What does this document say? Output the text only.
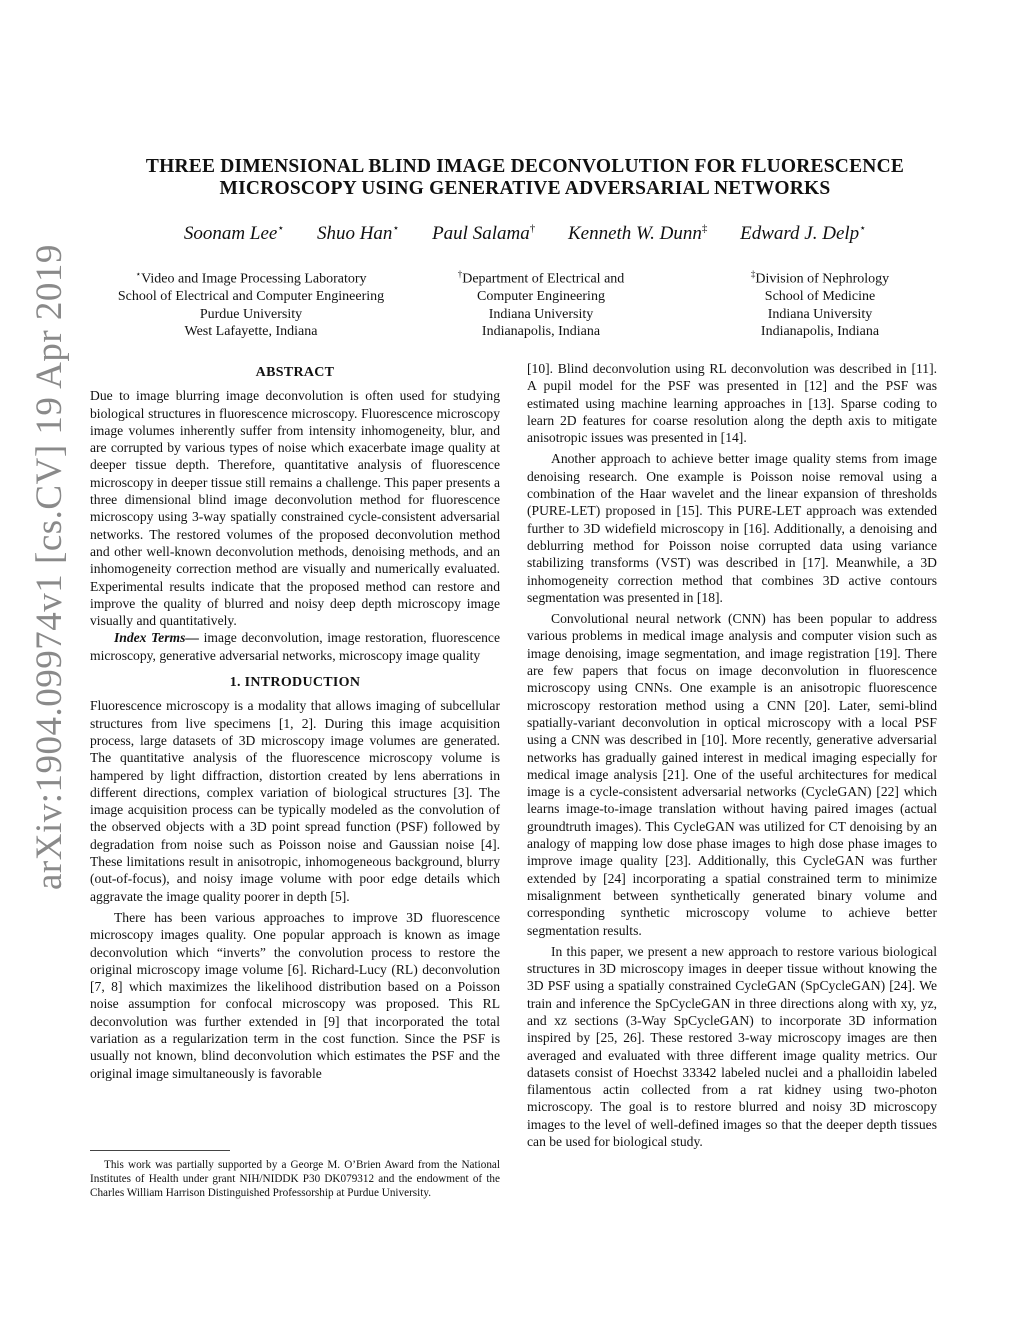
arXiv:1904.09974v1 [cs.CV] 19 Apr 2019
THREE DIMENSIONAL BLIND IMAGE DECONVOLUTION FOR FLUORESCENCE
MICROSCOPY USING GENERATIVE ADVERSARIAL NETWORKS
Soonam Lee⋆ Shuo Han⋆ Paul Salama† Kenneth W. Dunn‡ Edward J. Delp⋆
⋆Video and Image Processing Laboratory
School of Electrical and Computer Engineering
Purdue University
West Lafayette, Indiana
†Department of Electrical and
Computer Engineering
Indiana University
Indianapolis, Indiana
‡Division of Nephrology
School of Medicine
Indiana University
Indianapolis, Indiana
ABSTRACT

Due to image blurring image deconvolution is often used for studying biological structures in fluorescence microscopy. Fluorescence microscopy image volumes inherently suffer from intensity inhomogeneity, blur, and are corrupted by various types of noise which exacerbate image quality at deeper tissue depth. Therefore, quantitative analysis of fluorescence microscopy in deeper tissue still remains a challenge. This paper presents a three dimensional blind image deconvolution method for fluorescence microscopy using 3-way spatially constrained cycle-consistent adversarial networks. The restored volumes of the proposed deconvolution method and other well-known deconvolution methods, denoising methods, and an inhomogeneity correction method are visually and numerically evaluated. Experimental results indicate that the proposed method can restore and improve the quality of blurred and noisy deep depth microscopy image visually and quantitatively.

Index Terms— image deconvolution, image restoration, fluorescence microscopy, generative adversarial networks, microscopy image quality

1. INTRODUCTION

Fluorescence microscopy is a modality that allows imaging of subcellular structures from live specimens [1, 2]. During this image acquisition process, large datasets of 3D microscopy image volumes are generated. The quantitative analysis of the fluorescence microscopy volume is hampered by light diffraction, distortion created by lens aberrations in different directions, complex variation of biological structures [3]. The image acquisition process can be typically modeled as the convolution of the observed objects with a 3D point spread function (PSF) followed by degradation from noise such as Poisson noise and Gaussian noise [4]. These limitations result in anisotropic, inhomogeneous background, blurry (out-of-focus), and noisy image volume with poor edge details which aggravate the image quality poorer in depth [5].

There has been various approaches to improve 3D fluorescence microscopy images quality. One popular approach is known as image deconvolution which “inverts” the convolution process to restore the original microscopy image volume [6]. Richard-Lucy (RL) deconvolution [7, 8] which maximizes the likelihood distribution based on a Poisson noise assumption for confocal microscopy was proposed. This RL deconvolution was further extended in [9] that incorporated the total variation as a regularization term in the cost function. Since the PSF is usually not known, blind deconvolution which estimates the PSF and the original image simultaneously is favorable

This work was partially supported by a George M. O’Brien Award from the National Institutes of Health under grant NIH/NIDDK P30 DK079312 and the endowment of the Charles William Harrison Distinguished Professorship at Purdue University.

[10]. Blind deconvolution using RL deconvolution was described in [11]. A pupil model for the PSF was presented in [12] and the PSF was estimated using machine learning approaches in [13]. Sparse coding to learn 2D features for coarse resolution along the depth axis to mitigate anisotropic issues was presented in [14].

Another approach to achieve better image quality stems from image denoising research. One example is Poisson noise removal using a combination of the Haar wavelet and the linear expansion of thresholds (PURE-LET) proposed in [15]. This PURE-LET approach was extended further to 3D widefield microscopy in [16]. Additionally, a denoising and deblurring method for Poisson noise corrupted data using variance stabilizing transforms (VST) was described in [17]. Meanwhile, a 3D inhomogeneity correction method that combines 3D active contours segmentation was presented in [18].

Convolutional neural network (CNN) has been popular to address various problems in medical image analysis and computer vision such as image denoising, image segmentation, and image registration [19]. There are few papers that focus on image deconvolution in fluorescence microscopy using CNNs. One example is an anisotropic fluorescence microscopy restoration method using a CNN [20]. Later, semi-blind spatially-variant deconvolution in optical microscopy with a local PSF using a CNN was described in [10]. More recently, generative adversarial networks has gradually gained interest in medical imaging especially for medical image analysis [21]. One of the useful architectures for medical image is a cycle-consistent adversarial networks (CycleGAN) [22] which learns image-to-image translation without having paired images (actual groundtruth images). This CycleGAN was utilized for CT denoising by an analogy of mapping low dose phase images to high dose phase images to improve image quality [23]. Additionally, this CycleGAN was further extended by [24] incorporating a spatial constrained term to minimize misalignment between synthetically generated binary volume and corresponding synthetic microscopy volume to achieve better segmentation results.

In this paper, we present a new approach to restore various biological structures in 3D microscopy images in deeper tissue without knowing the 3D PSF using a spatially constrained CycleGAN (SpCycleGAN) [24]. We train and inference the SpCycleGAN in three directions along with xy, yz, and xz sections (3-Way SpCycleGAN) to incorporate 3D information inspired by [25, 26]. These restored 3-way microscopy images are then averaged and evaluated with three different image quality metrics. Our datasets consist of Hoechst 33342 labeled nuclei and a phalloidin labeled filamentous actin collected from a rat kidney using two-photon microscopy. The goal is to restore blurred and noisy 3D microscopy images to the level of well-defined images so that the deeper depth tissues can be used for biological study.
